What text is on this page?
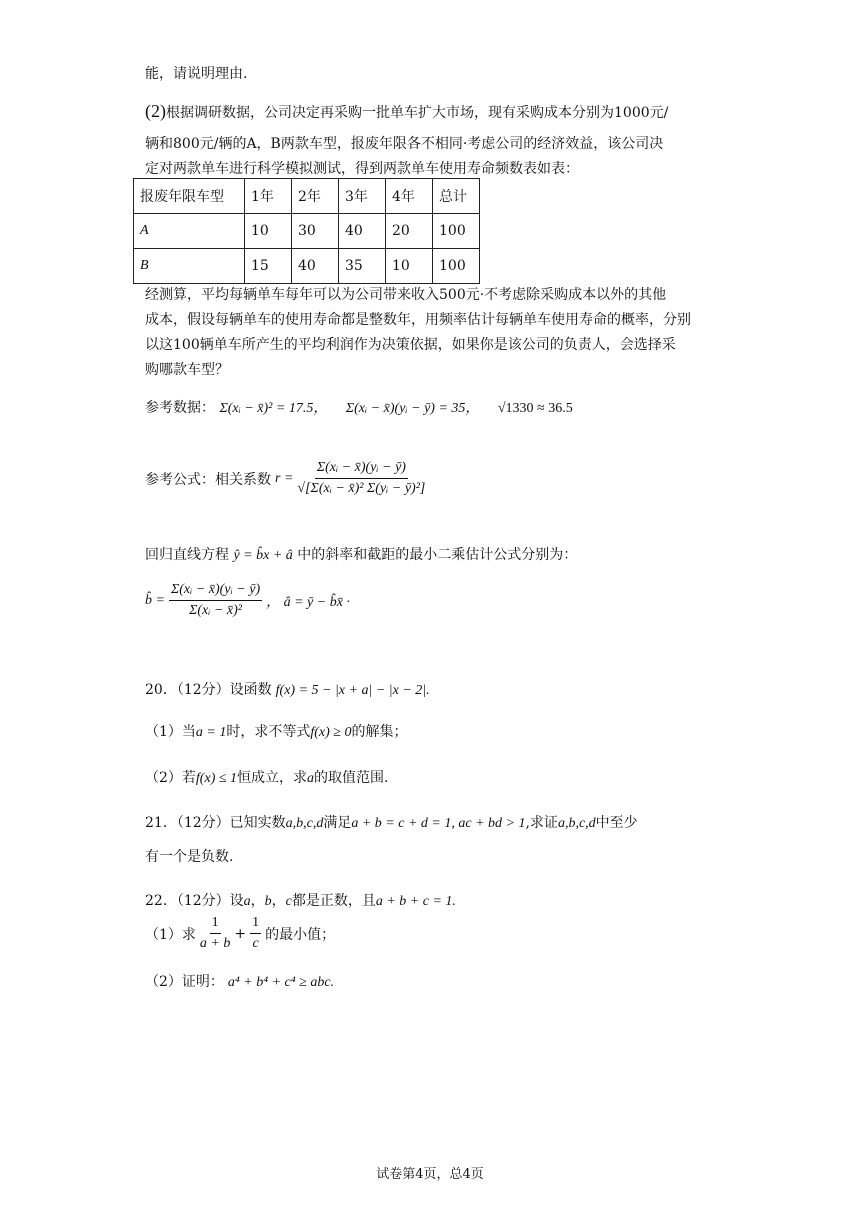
能，请说明理由.
(2)根据调研数据，公司决定再采购一批单车扩大市场，现有采购成本分别为1000元/
辆和800元/辆的A，B两款车型，报废年限各不相同·考虑公司的经济效益，该公司决
定对两款单车进行科学模拟测试，得到两款单车使用寿命频数表如表：
报废年限车型	1年	2年	3年	4年	总计
A	10	30	40	20	100
B	15	40	35	10	100
经测算，平均每辆单车每年可以为公司带来收入500元·不考虑除采购成本以外的其他
成本，假设每辆单车的使用寿命都是整数年，用频率估计每辆单车使用寿命的概率，分别
以这100辆单车所产生的平均利润作为决策依据，如果你是该公司的负责人，会选择采
购哪款车型？
参考数据： Σ(xᵢ − x̄)² = 17.5， Σ(xᵢ − x̄)(yᵢ − ȳ) = 35， √1330 ≈ 36.5
参考公式：相关系数 $r = \frac{\text{Σ(xᵢ − x̄)(yᵢ − ȳ)}}{\text{√[Σ(xᵢ − x̄)² Σ(yᵢ − ȳ)²]}}$
回归直线方程 ŷ = b̂x + â 中的斜率和截距的最小二乘估计公式分别为：
b̂ = $\frac{\text{Σ(xᵢ − x̄)(yᵢ − ȳ)}}{\text{Σ(xᵢ − x̄)²}}$ ， â = ȳ − b̂x̄ ·
20．（12分）设函数 f(x) = 5 − |x + a| − |x − 2|.
（1）当a = 1时，求不等式f(x) ≥ 0的解集；
（2）若f(x) ≤ 1恒成立，求a的取值范围.
21．（12分）已知实数a,b,c,d满足a + b = c + d = 1, ac + bd > 1,求证a,b,c,d中至少
有一个是负数.
22．（12分）设a，b，c都是正数，且a + b + c = 1.
（1）求 $\frac{1}{a + b} + \frac{1}{c}$ 的最小值；
（2）证明： a⁴ + b⁴ + c⁴ ≥ abc.
试卷第4页，总4页
